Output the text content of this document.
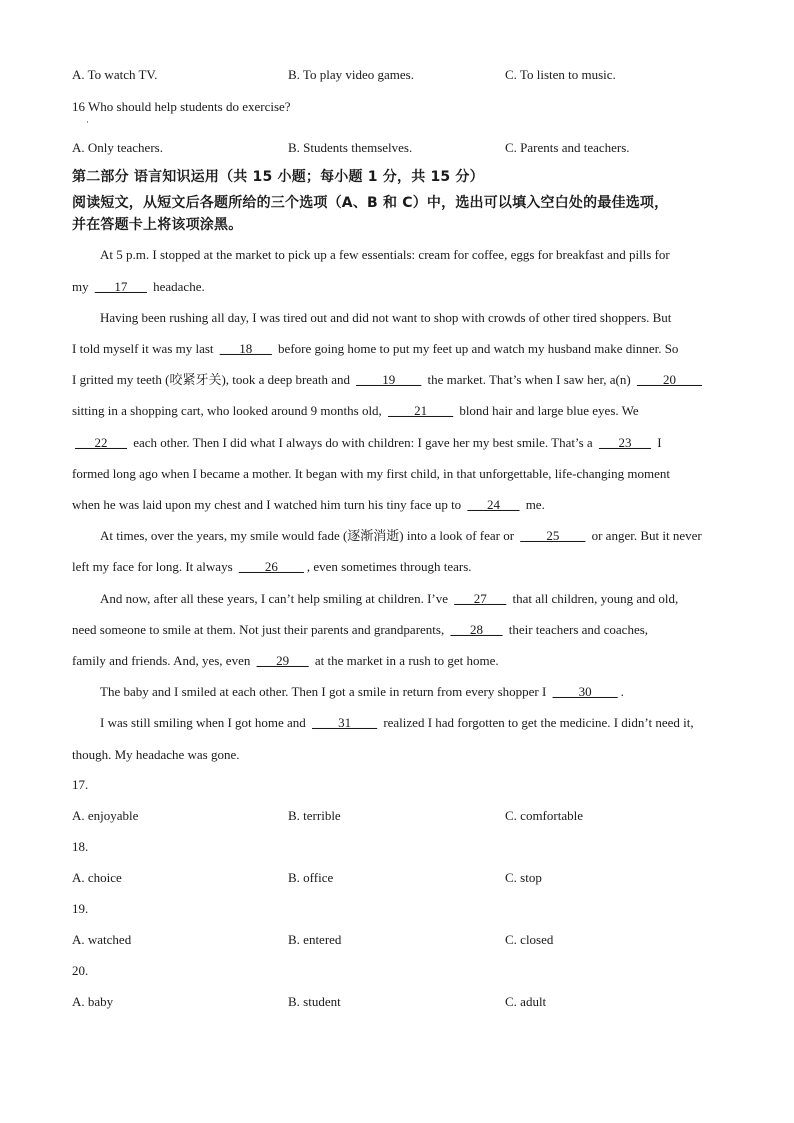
A. To watch TV.	B. To play video games.	C. To listen to music.
16 Who should help students do exercise?
·
A. Only teachers.	B. Students themselves.	C. Parents and teachers.
第二部分 语言知识运用（共 15 小题；每小题 1 分，共 15 分）
阅读短文，从短文后各题所给的三个选项（A、B 和 C）中，选出可以填入空白处的最佳选项，
并在答题卡上将该项涂黑。
At 5 p.m. I stopped at the market to pick up a few essentials: cream for coffee, eggs for breakfast and pills for
my ___17___ headache.
Having been rushing all day, I was tired out and did not want to shop with crowds of other tired shoppers. But
I told myself it was my last ___18___ before going home to put my feet up and watch my husband make dinner. So
I gritted my teeth (咬紧牙关), took a deep breath and ____19____ the market. That’s when I saw her, a(n) ____20____
sitting in a shopping cart, who looked around 9 months old, ____21____ blond hair and large blue eyes. We
___22___ each other. Then I did what I always do with children: I gave her my best smile. That’s a ___23___ I
formed long ago when I became a mother. It began with my first child, in that unforgettable, life-changing moment
when he was laid upon my chest and I watched him turn his tiny face up to ___24___ me.
At times, over the years, my smile would fade (逐渐消逝) into a look of fear or ____25____ or anger. But it never
left my face for long. It always ____26____ , even sometimes through tears.
And now, after all these years, I can’t help smiling at children. I’ve ___27___ that all children, young and old,
need someone to smile at them. Not just their parents and grandparents, ___28___ their teachers and coaches,
family and friends. And, yes, even ___29___ at the market in a rush to get home.
The baby and I smiled at each other. Then I got a smile in return from every shopper I ____30____ .
I was still smiling when I got home and ____31____ realized I had forgotten to get the medicine. I didn’t need it,
though. My headache was gone.
17.
A. enjoyable	B. terrible	C. comfortable
18.
A. choice	B. office	C. stop
19.
A. watched	B. entered	C. closed
20.
A. baby	B. student	C. adult
